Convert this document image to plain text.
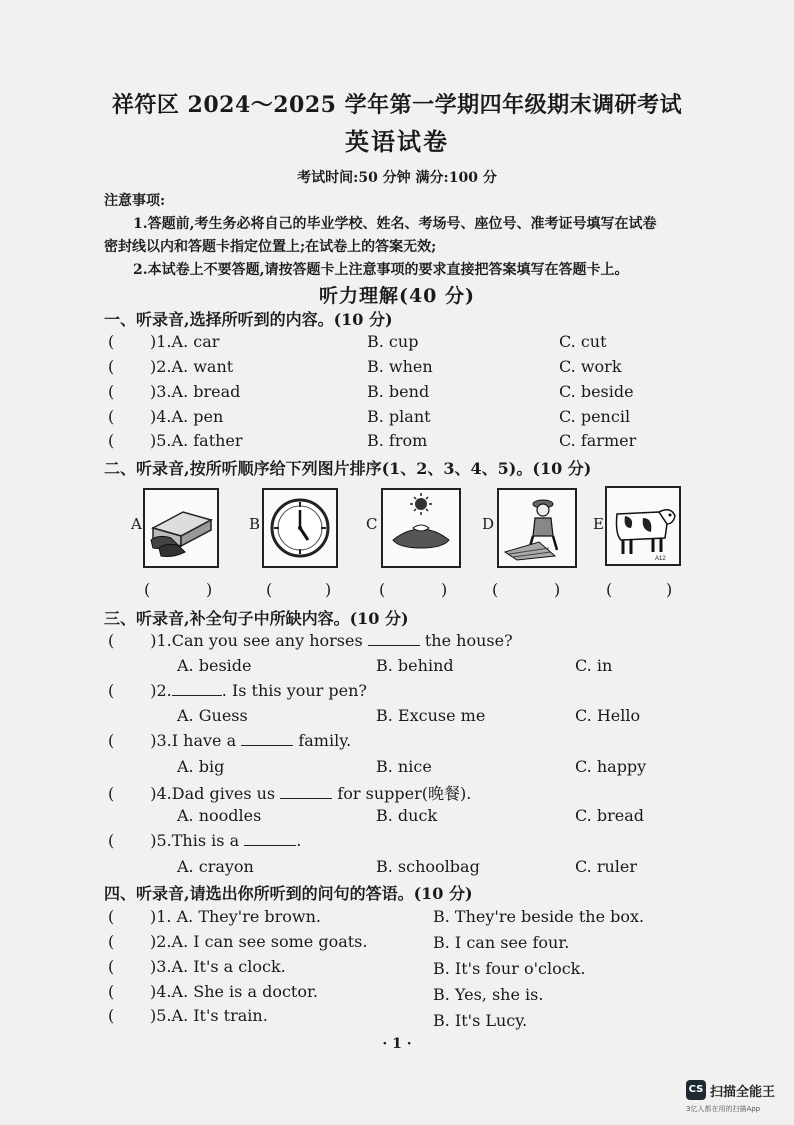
祥符区 2024～2025 学年第一学期四年级期末调研考试
英语试卷
考试时间:50 分钟 满分:100 分
注意事项:
1.答题前,考生务必将自己的毕业学校、姓名、考场号、座位号、准考证号填写在试卷
密封线以内和答题卡指定位置上;在试卷上的答案无效;
2.本试卷上不要答题,请按答题卡上注意事项的要求直接把答案填写在答题卡上。
听力理解(40 分)
一、听录音,选择所听到的内容。(10 分)
( )1.A. car	B. cup	C. cut
( )2.A. want	B. when	C. work
( )3.A. bread	B. bend	C. beside
( )4.A. pen	B. plant	C. pencil
( )5.A. father	B. from	C. farmer
二、听录音,按所听顺序给下列图片排序(1、2、3、4、5)。(10 分)
A	B	C	D	E
A12
(	)	(	)	(	)	(	)	(	)
三、听录音,补全句子中所缺内容。(10 分)
( )1.Can you see any horses	the house?
A. beside	B. behind	C. in
( )2.	. Is this your pen?
A. Guess	B. Excuse me	C. Hello
( )3.I have a	family.
A. big	B. nice	C. happy
( )4.Dad gives us	for supper(晚餐).
A. noodles	B. duck	C. bread
( )5.This is a	.
A. crayon	B. schoolbag	C. ruler
四、听录音,请选出你所听到的问句的答语。(10 分)
( )1. A. They're brown.	B. They're beside the box.
( )2.A. I can see some goats.	B. I can see four.
( )3.A. It's a clock.	B. It's four o'clock.
( )4.A. She is a doctor.	B. Yes, she is.
( )5.A. It's train.	B. It's Lucy.
· 1 ·
CS 扫描全能王
3亿人都在用的扫描App
